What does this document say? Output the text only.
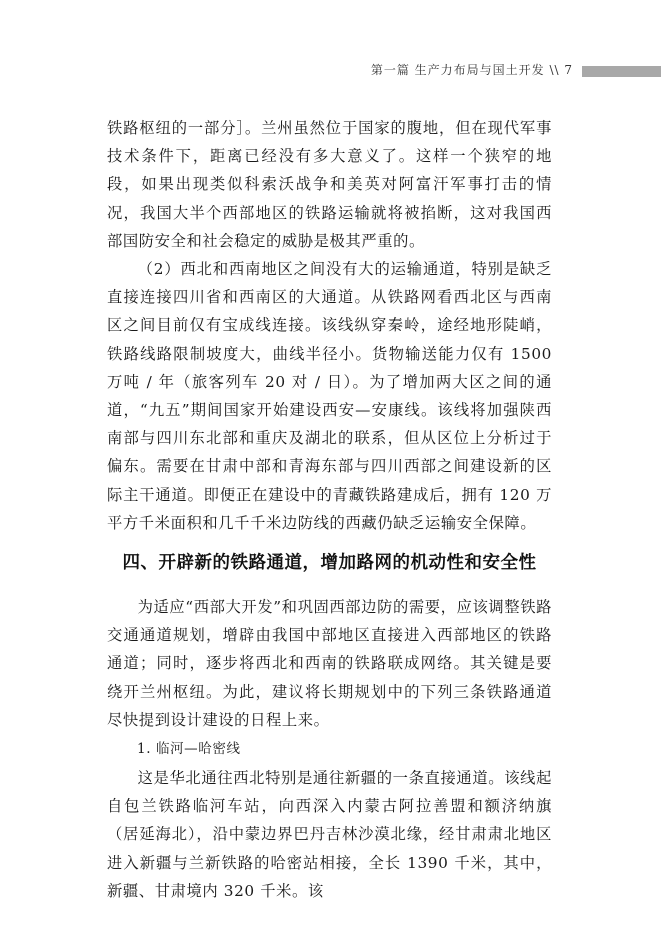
第一篇 生产力布局与国土开发 \\ 7

铁路枢纽的一部分］。兰州虽然位于国家的腹地，但在现代军事技术条件下，距离已经没有多大意义了。这样一个狭窄的地段，如果出现类似科索沃战争和美英对阿富汗军事打击的情况，我国大半个西部地区的铁路运输就将被掐断，这对我国西部国防安全和社会稳定的威胁是极其严重的。

（2）西北和西南地区之间没有大的运输通道，特别是缺乏直接连接四川省和西南区的大通道。从铁路网看西北区与西南区之间目前仅有宝成线连接。该线纵穿秦岭，途经地形陡峭，铁路线路限制坡度大，曲线半径小。货物输送能力仅有 1500 万吨 / 年（旅客列车 20 对 / 日）。为了增加两大区之间的通道，“九五”期间国家开始建设西安—安康线。该线将加强陕西南部与四川东北部和重庆及湖北的联系，但从区位上分析过于偏东。需要在甘肃中部和青海东部与四川西部之间建设新的区际主干通道。即便正在建设中的青藏铁路建成后，拥有 120 万平方千米面积和几千千米边防线的西藏仍缺乏运输安全保障。

四、开辟新的铁路通道，增加路网的机动性和安全性

为适应“西部大开发”和巩固西部边防的需要，应该调整铁路交通通道规划，增辟由我国中部地区直接进入西部地区的铁路通道；同时，逐步将西北和西南的铁路联成网络。其关键是要绕开兰州枢纽。为此，建议将长期规划中的下列三条铁路通道尽快提到设计建设的日程上来。

1. 临河—哈密线

这是华北通往西北特别是通往新疆的一条直接通道。该线起自包兰铁路临河车站，向西深入内蒙古阿拉善盟和额济纳旗（居延海北），沿中蒙边界巴丹吉林沙漠北缘，经甘肃肃北地区进入新疆与兰新铁路的哈密站相接，全长 1390 千米，其中，新疆、甘肃境内 320 千米。该
